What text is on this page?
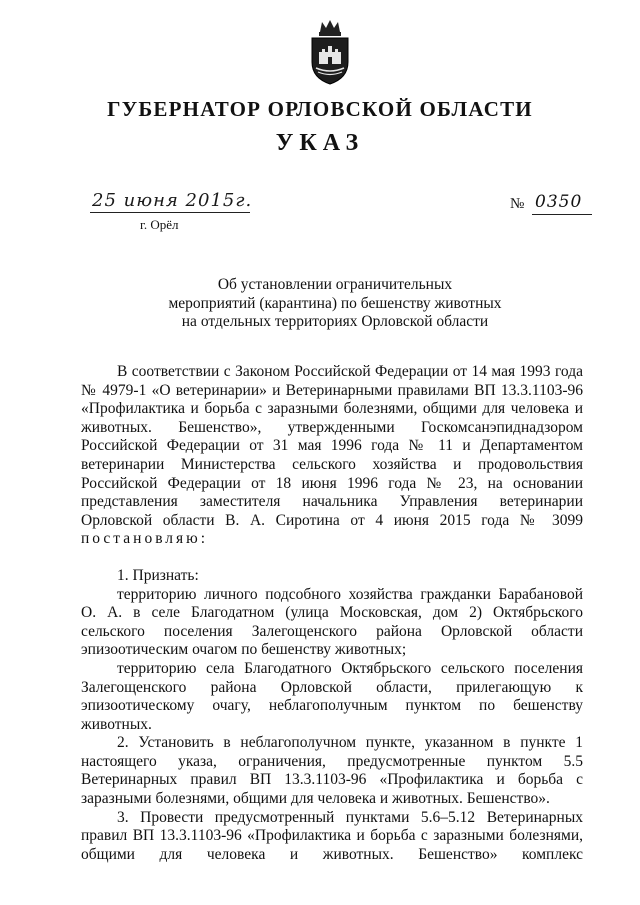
ГУБЕРНАТОР ОРЛОВСКОЙ ОБЛАСТИ
УКАЗ
25 июня 2015г.
г. Орёл
№ 0350
Об установлении ограничительных
мероприятий (карантина) по бешенству животных
на отдельных территориях Орловской области

В соответствии с Законом Российской Федерации от 14 мая 1993 года № 4979-1 «О ветеринарии» и Ветеринарными правилами ВП 13.3.1103-96 «Профилактика и борьба с заразными болезнями, общими для человека и животных. Бешенство», утвержденными Госкомсанэпиднадзором Российской Федерации от 31 мая 1996 года № 11 и Департаментом ветеринарии Министерства сельского хозяйства и продовольствия Российской Федерации от 18 июня 1996 года № 23, на основании представления заместителя начальника Управления ветеринарии Орловской области В. А. Сиротина от 4 июня 2015 года № 3099 постановляю:

1. Признать:

территорию личного подсобного хозяйства гражданки Барабановой О. А. в селе Благодатном (улица Московская, дом 2) Октябрьского сельского поселения Залегощенского района Орловской области эпизоотическим очагом по бешенству животных;

территорию села Благодатного Октябрьского сельского поселения Залегощенского района Орловской области, прилегающую к эпизоотическому очагу, неблагополучным пунктом по бешенству животных.

2. Установить в неблагополучном пункте, указанном в пункте 1 настоящего указа, ограничения, предусмотренные пунктом 5.5 Ветеринарных правил ВП 13.3.1103-96 «Профилактика и борьба с заразными болезнями, общими для человека и животных. Бешенство».

3. Провести предусмотренный пунктами 5.6–5.12 Ветеринарных правил ВП 13.3.1103-96 «Профилактика и борьба с заразными болезнями, общими для человека и животных. Бешенство» комплекс
